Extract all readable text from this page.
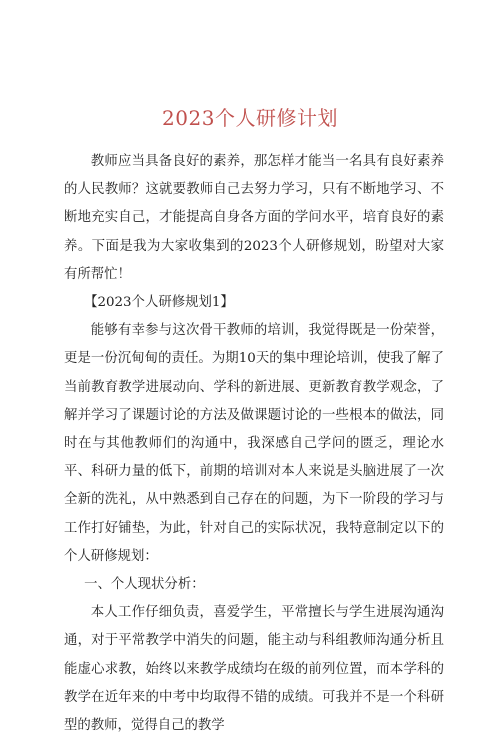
2023个人研修计划

教师应当具备良好的素养，那怎样才能当一名具有良好素养的人民教师？这就要教师自己去努力学习，只有不断地学习、不断地充实自己，才能提高自身各方面的学问水平，培育良好的素养。下面是我为大家收集到的2023个人研修规划，盼望对大家有所帮忙！

【2023个人研修规划1】

能够有幸参与这次骨干教师的培训，我觉得既是一份荣誉，更是一份沉甸甸的责任。为期10天的集中理论培训，使我了解了当前教育教学进展动向、学科的新进展、更新教育教学观念，了解并学习了课题讨论的方法及做课题讨论的一些根本的做法，同时在与其他教师们的沟通中，我深感自己学问的匮乏，理论水平、科研力量的低下，前期的培训对本人来说是头脑进展了一次全新的洗礼，从中熟悉到自己存在的问题，为下一阶段的学习与工作打好铺垫，为此，针对自己的实际状况，我特意制定以下的个人研修规划：

一、个人现状分析：

本人工作仔细负责，喜爱学生，平常擅长与学生进展沟通沟通，对于平常教学中消失的问题，能主动与科组教师沟通分析且能虚心求教，始终以来教学成绩均在级的前列位置，而本学科的教学在近年来的中考中均取得不错的成绩。可我并不是一个科研型的教师，觉得自己的教学
